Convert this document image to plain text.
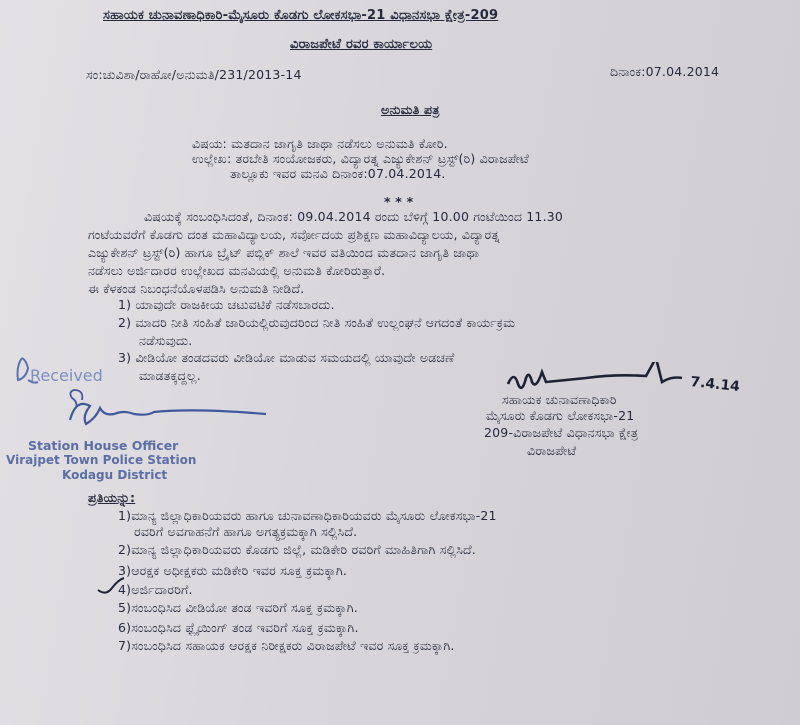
ಸಹಾಯಕ ಚುನಾವಣಾಧಿಕಾರಿ-ಮೈಸೂರು ಕೊಡಗು ಲೋಕಸಭಾ-21 ವಿಧಾನಸಭಾ ಕ್ಷೇತ್ರ-209
ವಿರಾಜಪೇಟೆ ರವರ ಕಾರ್ಯಾಲಯ
ಸಂ:ಚುವಿಶಾ/ರಾಹೋ/ಅನುಮತಿ/231/2013-14	ದಿನಾಂಕ:07.04.2014
ಅನುಮತಿ ಪತ್ರ
ವಿಷಯ: ಮತದಾನ ಜಾಗೃತಿ ಜಾಥಾ ನಡೆಸಲು ಅನುಮತಿ ಕೋರಿ.
ಉಲ್ಲೇಖ: ತರಬೇತಿ ಸಂಯೋಜಕರು, ವಿದ್ಯಾರತ್ನ ಎಜ್ಯುಕೇಶನ್ ಟ್ರಸ್ಟ್(ರಿ) ವಿರಾಜಪೇಟೆ
ತಾಲ್ಲೂಕು ಇವರ ಮನವಿ ದಿನಾಂಕ:07.04.2014.
* * *
ವಿಷಯಕ್ಕೆ ಸಂಬಂಧಿಸಿದಂತೆ, ದಿನಾಂಕ: 09.04.2014 ರಂದು ಬೆಳಿಗ್ಗೆ 10.00 ಗಂಟೆಯಿಂದ 11.30
ಗಂಟೆಯವರೆಗೆ ಕೊಡಗು ದಂತ ಮಹಾವಿದ್ಯಾಲಯ, ಸರ್ವೋದಯ ಪ್ರಶಿಕ್ಷಣ ಮಹಾವಿದ್ಯಾಲಯ, ವಿದ್ಯಾರತ್ನ
ಎಜ್ಯುಕೇಶನ್ ಟ್ರಸ್ಟ್(ರಿ) ಹಾಗೂ ಬ್ರೈಟ್ ಪಬ್ಲಿಕ್ ಶಾಲೆ ಇವರ ವತಿಯಿಂದ ಮತದಾನ ಜಾಗೃತಿ ಜಾಥಾ
ನಡೆಸಲು ಅರ್ಜಿದಾರರ ಉಲ್ಲೇಖದ ಮನವಿಯಲ್ಲಿ ಅನುಮತಿ ಕೋರಿರುತ್ತಾರೆ.
ಈ ಕೆಳಕಂಡ ನಿಬಂಧನೆಯೊಳಪಡಿಸಿ ಅನುಮತಿ ನೀಡಿದೆ.
1) ಯಾವುದೇ ರಾಜಕೀಯ ಚಟುವಟಿಕೆ ನಡೆಸಬಾರದು.
2) ಮಾದರಿ ನೀತಿ ಸಂಹಿತೆ ಜಾರಿಯಲ್ಲಿರುವುದರಿಂದ ನೀತಿ ಸಂಹಿತೆ ಉಲ್ಲಂಘನೆ ಆಗದಂತೆ ಕಾರ್ಯಕ್ರಮ
ನಡೆಸುವುದು.
3) ವೀಡಿಯೋ ತಂಡದವರು ವೀಡಿಯೋ ಮಾಡುವ ಸಮಯದಲ್ಲಿ ಯಾವುದೇ ಅಡಚಣೆ
ಮಾಡತಕ್ಕದ್ದಲ್ಲ.	7.4.14
ಸಹಾಯಕ ಚುನಾವಣಾಧಿಕಾರಿ
ಮೈಸೂರು ಕೊಡಗು ಲೋಕಸಭಾ-21
209-ವಿರಾಜಪೇಟೆ ವಿಧಾನಸಭಾ ಕ್ಷೇತ್ರ
ವಿರಾಜಪೇಟೆ
Received
Station House Officer
Virajpet Town Police Station
Kodagu District
ಪ್ರತಿಯನ್ನು:
1)ಮಾನ್ಯ ಜಿಲ್ಲಾಧಿಕಾರಿಯವರು ಹಾಗೂ ಚುನಾವಣಾಧಿಕಾರಿಯವರು ಮೈಸೂರು ಲೋಕಸಭಾ-21
ರವರಿಗೆ ಅವಗಾಹನೆಗೆ ಹಾಗೂ ಅಗತ್ಯಕ್ರಮಕ್ಕಾಗಿ ಸಲ್ಲಿಸಿದೆ.
2)ಮಾನ್ಯ ಜಿಲ್ಲಾಧಿಕಾರಿಯವರು ಕೊಡಗು ಜಿಲ್ಲೆ, ಮಡಿಕೇರಿ ರವರಿಗೆ ಮಾಹಿತಿಗಾಗಿ ಸಲ್ಲಿಸಿದೆ.
3)ಆರಕ್ಷಕ ಅಧೀಕ್ಷಕರು ಮಡಿಕೇರಿ ಇವರ ಸೂಕ್ತ ಕ್ರಮಕ್ಕಾಗಿ.
4)ಅರ್ಜಿದಾರರಿಗೆ.
5)ಸಂಬಂಧಿಸಿದ ವೀಡಿಯೋ ತಂಡ ಇವರಿಗೆ ಸೂಕ್ತ ಕ್ರಮಕ್ಕಾಗಿ.
6)ಸಂಬಂಧಿಸಿದ ಫ್ಲೈಯಿಂಗ್ ತಂಡ ಇವರಿಗೆ ಸೂಕ್ತ ಕ್ರಮಕ್ಕಾಗಿ.
7)ಸಂಬಂಧಿಸಿದ ಸಹಾಯಕ ಆರಕ್ಷಕ ನಿರೀಕ್ಷಕರು ವಿರಾಜಪೇಟೆ ಇವರ ಸೂಕ್ತ ಕ್ರಮಕ್ಕಾಗಿ.
